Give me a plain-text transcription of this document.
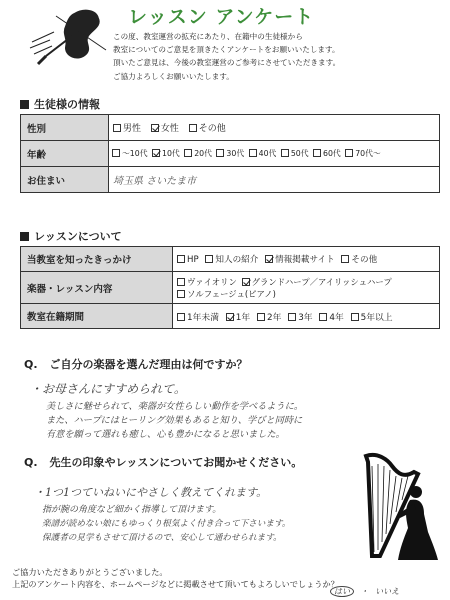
レッスン アンケート
この度、教室運営の拡充にあたり、在籍中の生徒様から
教室についてのご意見を頂きたくアンケートをお願いいたします。
頂いたご意見は、今後の教室運営のご参考にさせていただきます。
ご協力よろしくお願いいたします。
生徒様の情報
性別	男性 女性 その他
年齢	～10代 10代 20代 30代 40代 50代 60代 70代～
お住まい	埼玉県 さいたま市
レッスンについて
当教室を知ったきっかけ	HP 知人の紹介 情報掲載サイト その他
楽器・レッスン内容	ヴァイオリン グランドハープ／アイリッシュハープ
ソルフェージュ(ピアノ)

教室在籍期間	1年未満 1年 2年 3年 4年 5年以上
Q. ご自分の楽器を選んだ理由は何ですか？
・お母さんにすすめられて。
美しさに魅せられて、楽器が女性らしい動作を学べるように。
また、ハープにはヒーリング効果もあると知り、学びと同時に
有意を願って選れも癒し、心も豊かになると思いました。
Q. 先生の印象やレッスンについてお聞かせください。
・1つ1つていねいにやさしく教えてくれます。
指が腕の角度など細かく指導して頂けます。
楽譜が読めない娘にもゆっくり根気よく付き合って下さいます。
保護者の見学もさせて頂けるので、安心して通わせられます。
ご協力いただきありがとうございました。
上記のアンケート内容を、ホームページなどに掲載させて頂いてもよろしいでしょうか？
はい ・ いいえ
